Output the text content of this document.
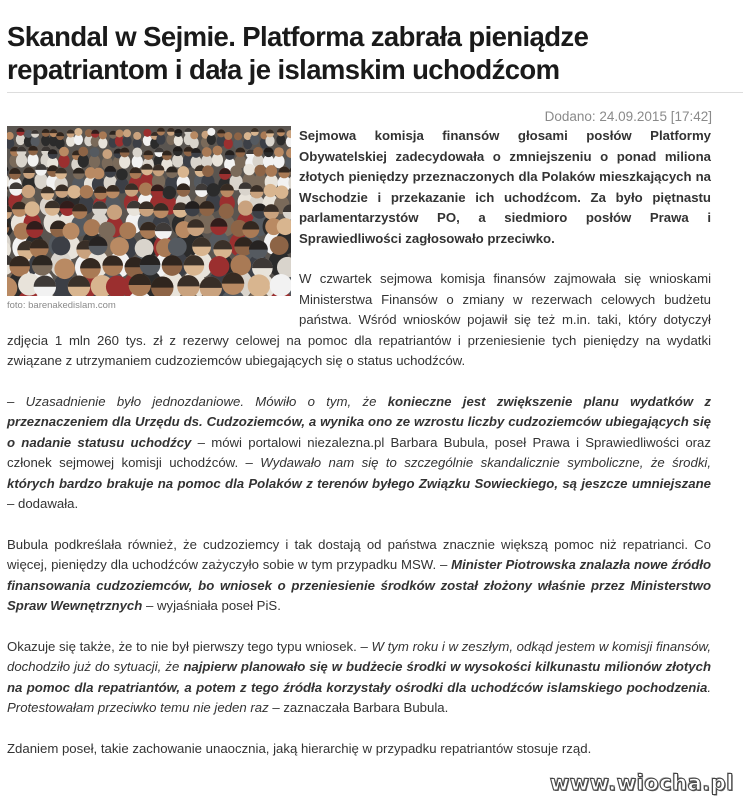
Skandal w Sejmie. Platforma zabrała pieniądze repatriantom i dała je islamskim uchodźcom
Dodano: 24.09.2015 [17:42]
foto: barenakedislam.com

Sejmowa komisja finansów głosami posłów Platformy Obywatelskiej zadecydowała o zmniejszeniu o ponad miliona złotych pieniędzy przeznaczonych dla Polaków mieszkających na Wschodzie i przekazanie ich uchodźcom. Za było piętnastu parlamentarzystów PO, a siedmioro posłów Prawa i Sprawiedliwości zagłosowało przeciwko.

W czwartek sejmowa komisja finansów zajmowała się wnioskami Ministerstwa Finansów o zmiany w rezerwach celowych budżetu państwa. Wśród wniosków pojawił się też m.in. taki, który dotyczył zdjęcia 1 mln 260 tys. zł z rezerwy celowej na pomoc dla repatriantów i przeniesienie tych pieniędzy na wydatki związane z utrzymaniem cudzoziemców ubiegających się o status uchodźców.

– Uzasadnienie było jednozdaniowe. Mówiło o tym, że konieczne jest zwiększenie planu wydatków z przeznaczeniem dla Urzędu ds. Cudzoziemców, a wynika ono ze wzrostu liczby cudzoziemców ubiegających się o nadanie statusu uchodźcy – mówi portalowi niezalezna.pl Barbara Bubula, poseł Prawa i Sprawiedliwości oraz członek sejmowej komisji uchodźców. – Wydawało nam się to szczególnie skandalicznie symboliczne, że środki, których bardzo brakuje na pomoc dla Polaków z terenów byłego Związku Sowieckiego, są jeszcze umniejszane – dodawała.

Bubula podkreślała również, że cudzoziemcy i tak dostają od państwa znacznie większą pomoc niż repatrianci. Co więcej, pieniędzy dla uchodźców zażyczyło sobie w tym przypadku MSW. – Minister Piotrowska znalazła nowe źródło finansowania cudzoziemców, bo wniosek o przeniesienie środków został złożony właśnie przez Ministerstwo Spraw Wewnętrznych – wyjaśniała poseł PiS.

Okazuje się także, że to nie był pierwszy tego typu wniosek. – W tym roku i w zeszłym, odkąd jestem w komisji finansów, dochodziło już do sytuacji, że najpierw planowało się w budżecie środki w wysokości kilkunastu milionów złotych na pomoc dla repatriantów, a potem z tego źródła korzystały ośrodki dla uchodźców islamskiego pochodzenia. Protestowałam przeciwko temu nie jeden raz – zaznaczała Barbara Bubula.

Zdaniem poseł, takie zachowanie unaocznia, jaką hierarchię w przypadku repatriantów stosuje rząd.

www.wiocha.pl
